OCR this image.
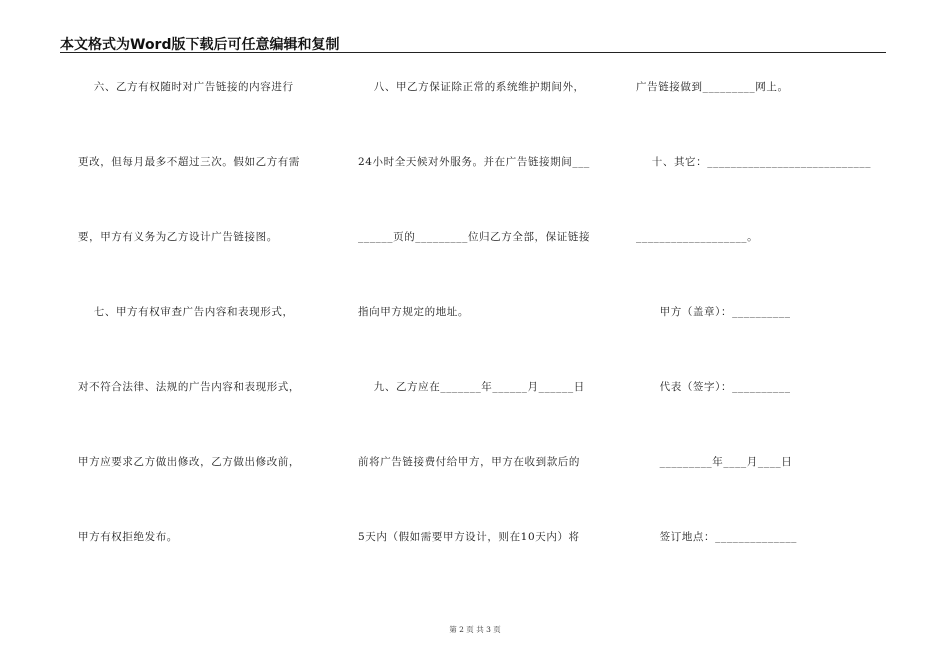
本文格式为Word版下载后可任意编辑和复制
六、乙方有权随时对广告链接的内容进行
更改，但每月最多不超过三次。假如乙方有需
要，甲方有义务为乙方设计广告链接图。
七、甲方有权审查广告内容和表现形式，
对不符合法律、法规的广告内容和表现形式，
甲方应要求乙方做出修改，乙方做出修改前，
甲方有权拒绝发布。
八、甲乙方保证除正常的系统维护期间外，
24小时全天候对外服务。并在广告链接期间___
______页的_________位归乙方全部，保证链接
指向甲方规定的地址。
九、乙方应在_______年______月______日
前将广告链接费付给甲方，甲方在收到款后的
5天内（假如需要甲方设计，则在10天内）将
广告链接做到_________网上。
十、其它：____________________________
___________________。
甲方（盖章）：__________
代表（签字）：__________
_________年____月____日
签订地点：______________
第 2 页 共 3 页
